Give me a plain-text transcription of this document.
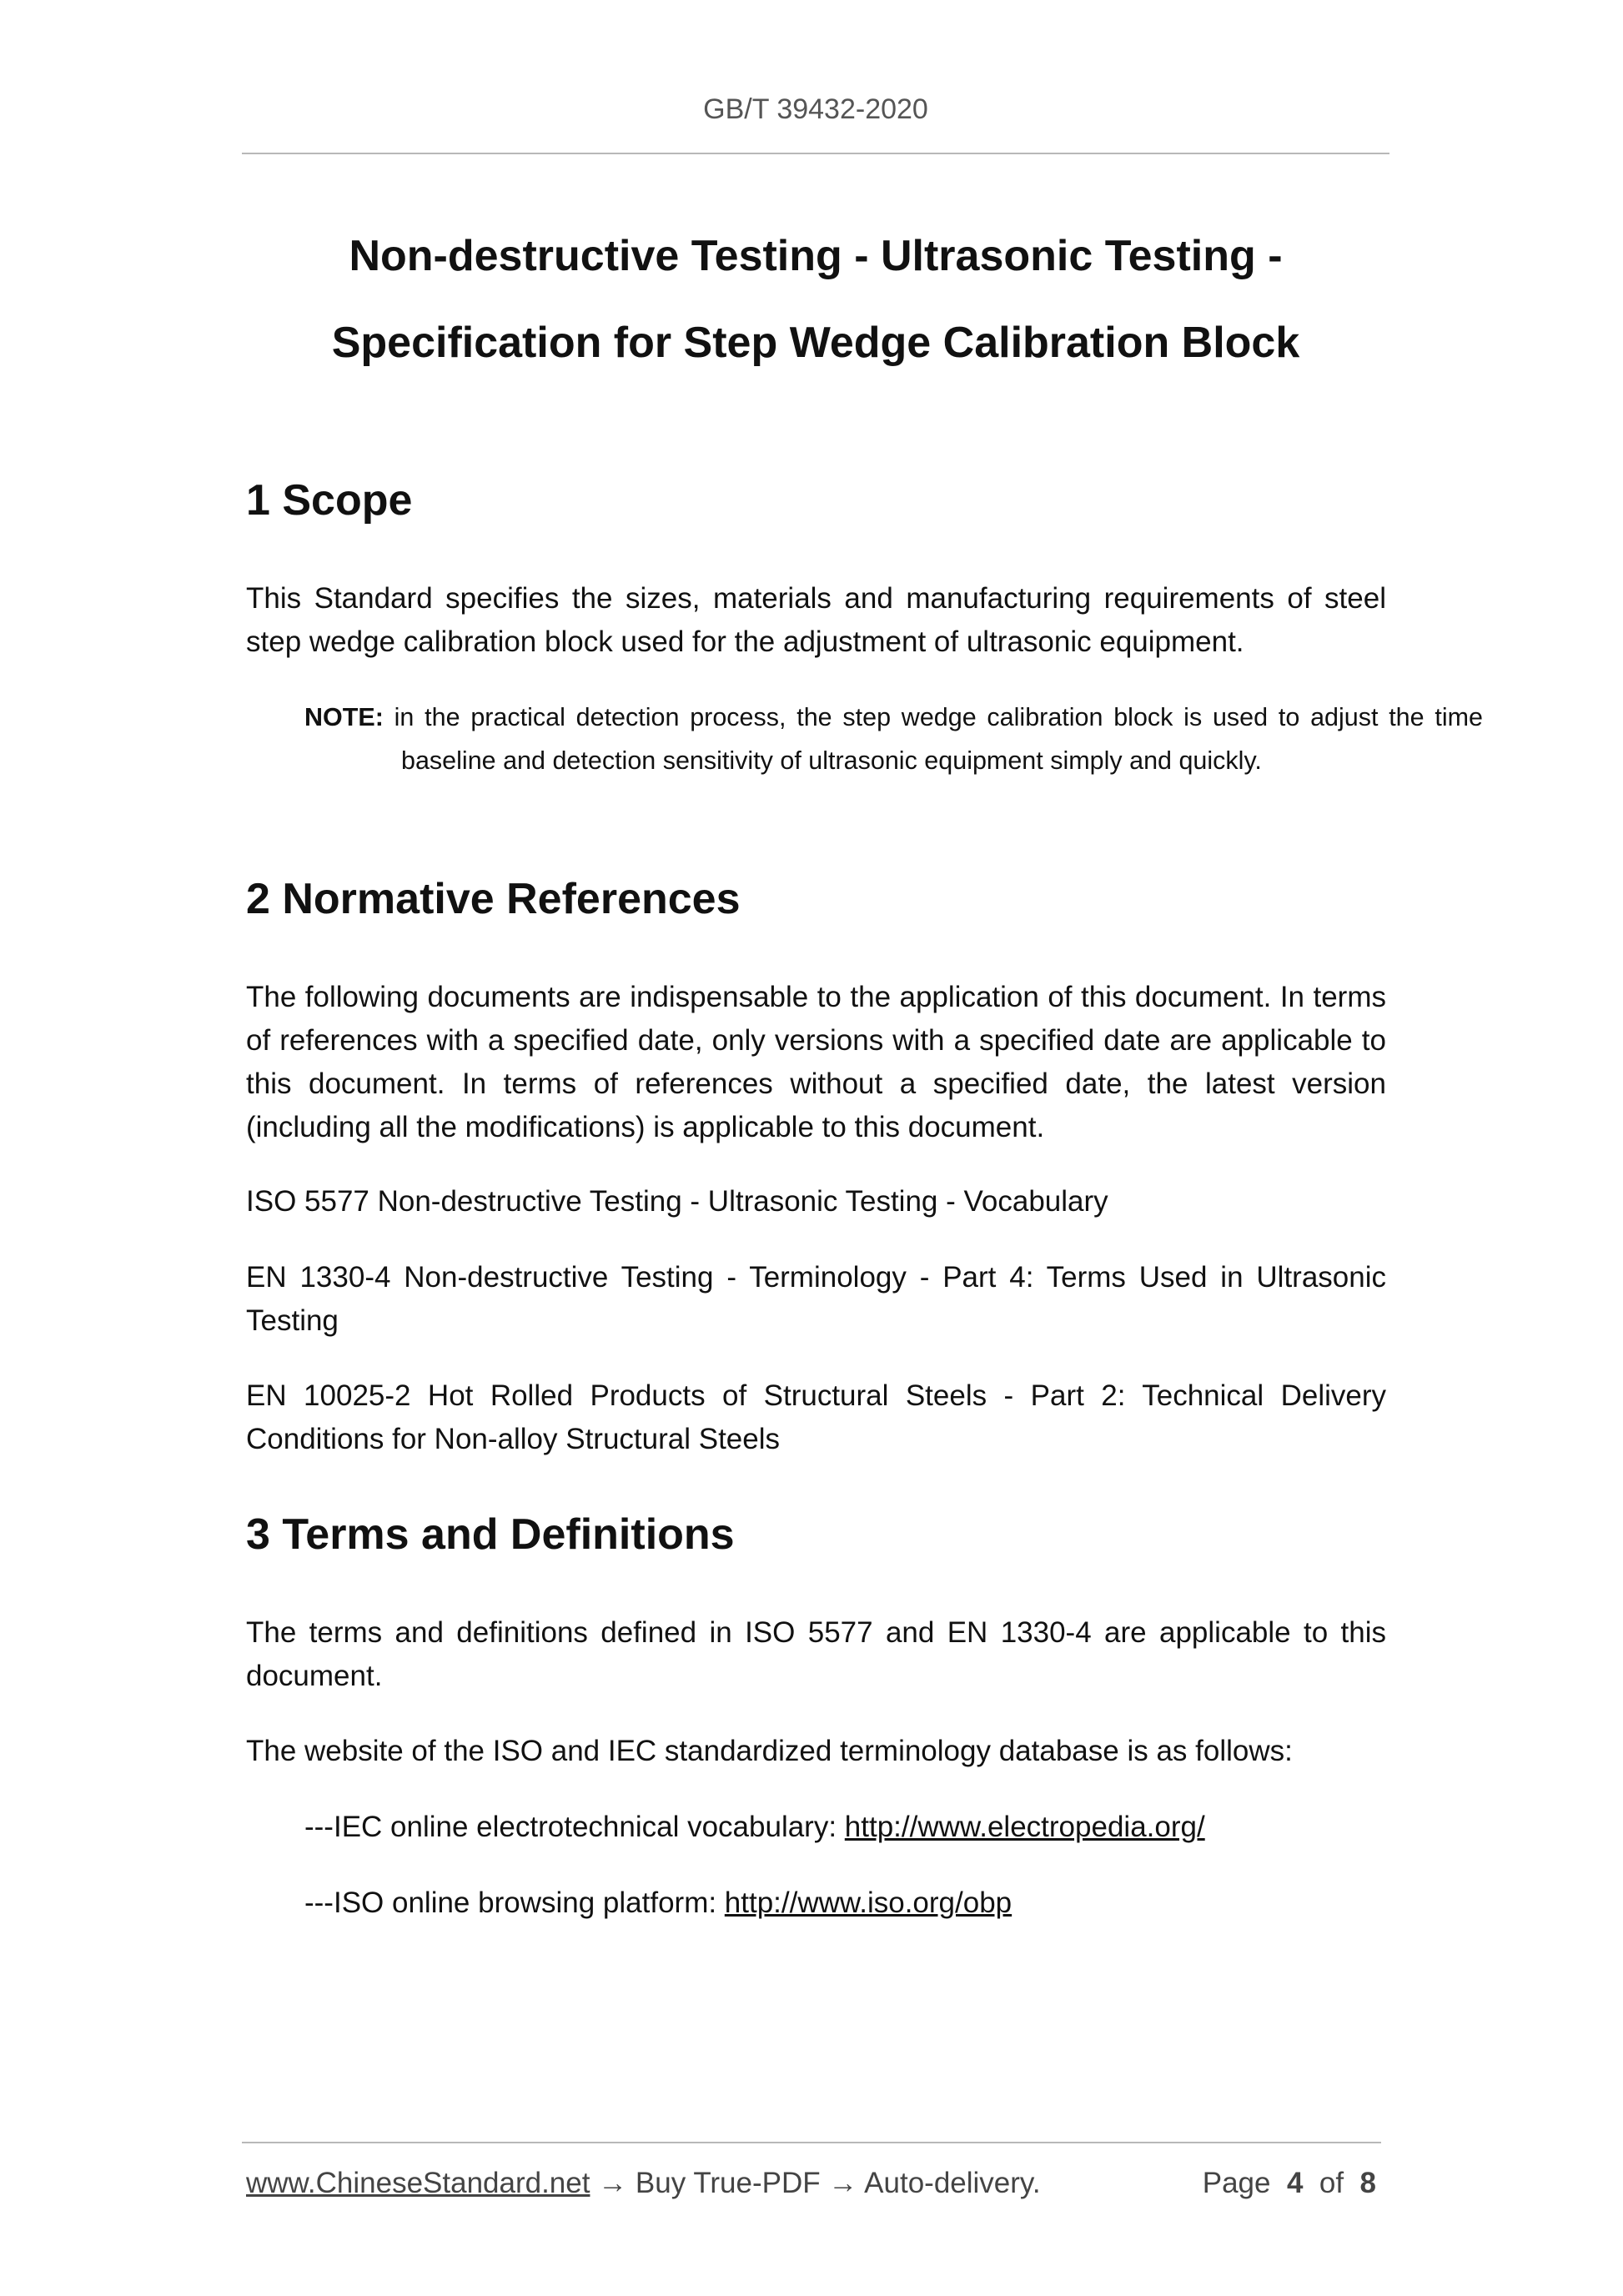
GB/T 39432-2020
Non-destructive Testing - Ultrasonic Testing -
Specification for Step Wedge Calibration Block
1 Scope

This Standard specifies the sizes, materials and manufacturing requirements of steel step wedge calibration block used for the adjustment of ultrasonic equipment.

NOTE: in the practical detection process, the step wedge calibration block is used to adjust the time baseline and detection sensitivity of ultrasonic equipment simply and quickly.

2 Normative References

The following documents are indispensable to the application of this document. In terms of references with a specified date, only versions with a specified date are applicable to this document. In terms of references without a specified date, the latest version (including all the modifications) is applicable to this document.

ISO 5577 Non-destructive Testing - Ultrasonic Testing - Vocabulary

EN 1330-4 Non-destructive Testing - Terminology - Part 4: Terms Used in Ultrasonic Testing

EN 10025-2 Hot Rolled Products of Structural Steels - Part 2: Technical Delivery Conditions for Non-alloy Structural Steels

3 Terms and Definitions

The terms and definitions defined in ISO 5577 and EN 1330-4 are applicable to this document.

The website of the ISO and IEC standardized terminology database is as follows:

---IEC online electrotechnical vocabulary: http://www.electropedia.org/

---ISO online browsing platform: http://www.iso.org/obp

www.ChineseStandard.net → Buy True-PDF → Auto-delivery.	Page 4 of 8
